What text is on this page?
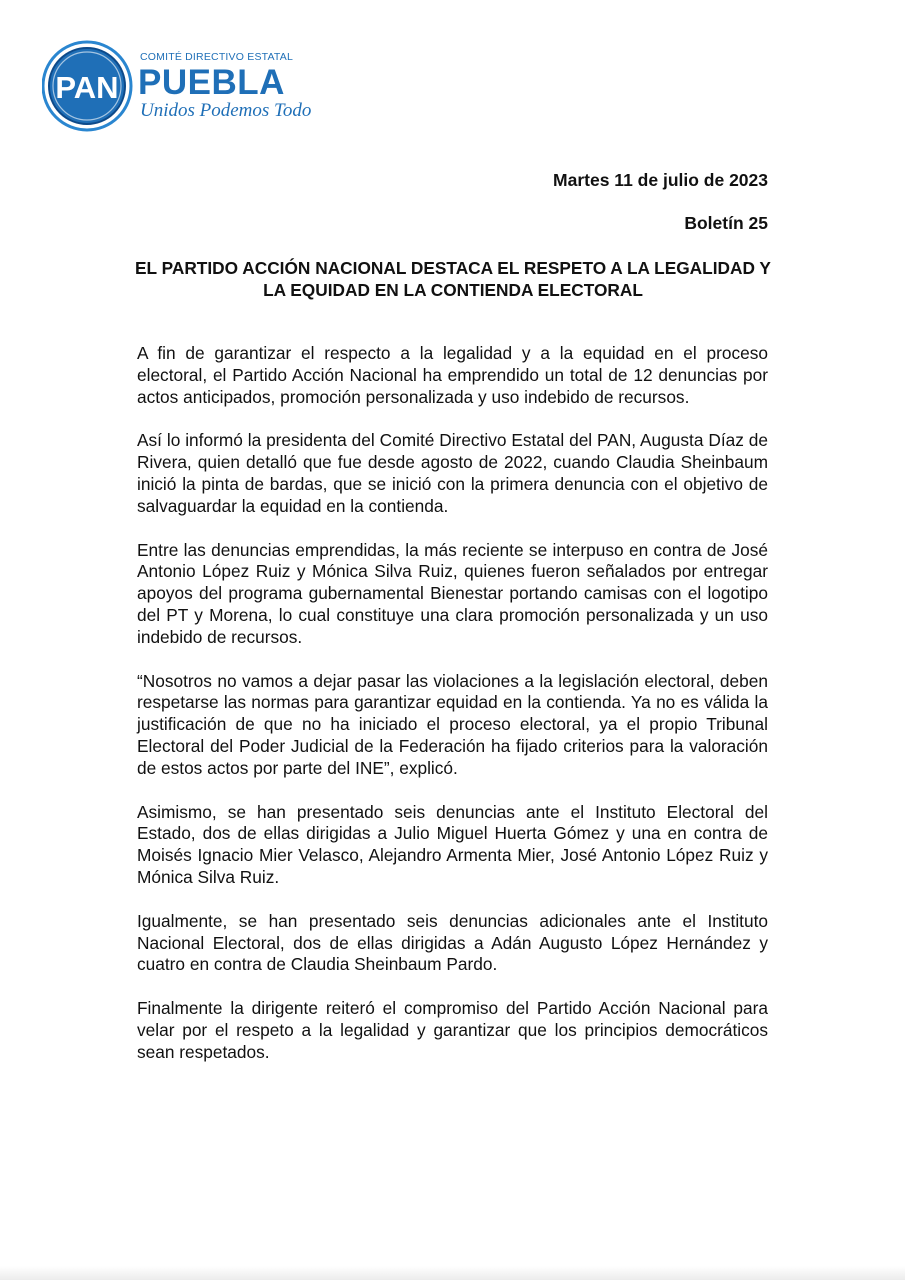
PAN
COMITÉ DIRECTIVO ESTATAL
PUEBLA
Unidos Podemos Todo
Martes 11 de julio de 2023
Boletín 25
EL PARTIDO ACCIÓN NACIONAL DESTACA EL RESPETO A LA LEGALIDAD Y LA EQUIDAD EN LA CONTIENDA ELECTORAL

A fin de garantizar el respecto a la legalidad y a la equidad en el proceso electoral, el Partido Acción Nacional ha emprendido un total de 12 denuncias por actos anticipados, promoción personalizada y uso indebido de recursos.

Así lo informó la presidenta del Comité Directivo Estatal del PAN, Augusta Díaz de Rivera, quien detalló que fue desde agosto de 2022, cuando Claudia Sheinbaum inició la pinta de bardas, que se inició con la primera denuncia con el objetivo de salvaguardar la equidad en la contienda.

Entre las denuncias emprendidas, la más reciente se interpuso en contra de José Antonio López Ruiz y Mónica Silva Ruiz, quienes fueron señalados por entregar apoyos del programa gubernamental Bienestar portando camisas con el logotipo del PT y Morena, lo cual constituye una clara promoción personalizada y un uso indebido de recursos.

“Nosotros no vamos a dejar pasar las violaciones a la legislación electoral, deben respetarse las normas para garantizar equidad en la contienda. Ya no es válida la justificación de que no ha iniciado el proceso electoral, ya el propio Tribunal Electoral del Poder Judicial de la Federación ha fijado criterios para la valoración de estos actos por parte del INE”, explicó.

Asimismo, se han presentado seis denuncias ante el Instituto Electoral del Estado, dos de ellas dirigidas a Julio Miguel Huerta Gómez y una en contra de Moisés Ignacio Mier Velasco, Alejandro Armenta Mier, José Antonio López Ruiz y Mónica Silva Ruiz.

Igualmente, se han presentado seis denuncias adicionales ante el Instituto Nacional Electoral, dos de ellas dirigidas a Adán Augusto López Hernández y cuatro en contra de Claudia Sheinbaum Pardo.

Finalmente la dirigente reiteró el compromiso del Partido Acción Nacional para velar por el respeto a la legalidad y garantizar que los principios democráticos sean respetados.
